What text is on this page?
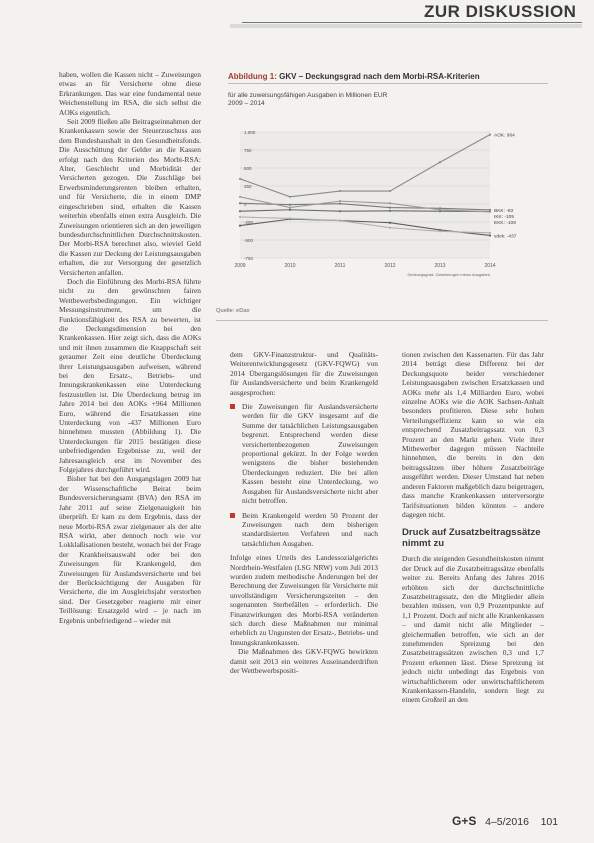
ZUR DISKUSSION

haben, wollen die Kassen nicht – Zuweisungen etwas an für Versicherte ohne diese Erkrankungen. Das war eine fundamental neue Weichenstellung im RSA, die sich selbst die AOKs eigentlich.

Seit 2009 fließen alle Beitragseinnahmen der Krankenkassen sowie der Steuerzuschuss aus dem Bundeshaushalt in den Gesundheitsfonds. Die Ausschüttung der Gelder an die Kassen erfolgt nach den Kriterien des Morbi-RSA: Alter, Geschlecht und Morbidität der Versicherten gezogen. Die Zuschläge bei Erwerbsminderungsrenten bleiben erhalten, und für Versicherte, die in einem DMP eingeschrieben sind, erhalten die Kassen weiterhin ebenfalls einen extra Ausgleich. Die Zuweisungen orientieren sich an den jeweiligen bundesdurchschnittlichen Durchschnittskosten. Der Morbi-RSA berechnet also, wieviel Geld die Kassen zur Deckung der Leistungsausgaben erhalten, die zur Versorgung der gesetzlich Versicherten anfallen.

Doch die Einführung des Morbi-RSA führte nicht zu den gewünschten fairen Wettbewerbsbedingungen. Ein wichtiger Messungsinstrument, um die Funktionsfähigkeit des RSA zu bewerten, ist die Deckungsdimension bei den Krankenkassen. Hier zeigt sich, dass die AOKs und mit ihnen zusammen die Knappschaft seit geraumer Zeit eine deutliche Überdeckung ihrer Leistungsausgaben aufweisen, während bei den Ersatz-, Betriebs- und Innungskrankenkassen eine Unterdeckung festzustellen ist. Die Überdeckung betrug im Jahre 2014 bei den AOKs +964 Millionen Euro, während die Ersatzkassen eine Unterdeckung von -437 Millionen Euro hinnehmen mussten (Abbildung 1). Die Unterdeckungen für 2015 bestätigen diese unbefriedigenden Ergebnisse zu, weil der Jahresausgleich erst im November des Folgejahres durchgeführt wird.

Bisher hat bei den Ausgangslagen 2009 hat der Wissenschaftliche Beirat beim Bundesversicherungsamt (BVA) den RSA im Jahr 2011 auf seine Zielgenauigkeit hin überprüft. Er kam zu dem Ergebnis, dass der neue Morbi-RSA zwar zielgenauer als der alte RSA wirkt, aber dennoch noch wie vor Lokklaßisationen besteht, wonach bei der Frage der Krankheitsauswahl oder bei den Zuweisungen für Krankengeld, den Zuweisungen für Auslandsversicherte und bei der Berücksichtigung der Ausgaben für Versicherte, die im Ausgleichsjahr verstorben sind. Der Gesetzgeber reagierte mit einer Teillösung: Ersatzgeld wird – je nach im Ergebnis unbefriedigend – wieder mit

Abbildung 1: GKV – Deckungsgrad nach dem Morbi-RSA-Kriterien
für alle zuweisungsfähigen Ausgaben in Millionen EUR
2009 – 2014
1.000
750
500
250
0
-250
-500
-750
2009	2010	2011	2012	2013	2014
AOK: 964
BKK: -83
IKK: -105
EKK: -108
vdek: -437
Deckungsgrad: Zuweisungen minus Ausgaben
Quelle: eDax

dem GKV-Finanzstruktur- und Qualitäts-Weiterentwicklungsgesetz (GKV-FQWG) von 2014 Übergangslösungen für die Zuweisungen für Auslandsversicherte und beim Krankengeld ausgesprochen:

Die Zuweisungen für Auslandsversicherte werden für die GKV insgesamt auf die Summe der tatsächlichen Leistungsausgaben begrenzt. Entsprechend werden diese versichertenbezogenen Zuweisungen proportional gekürzt. In der Folge werden wenigstens die bisher bestehenden Überdeckungen reduziert. Die bei allen Kassen besteht eine Unterdeckung, wo Ausgaben für Auslandsversicherte nicht aber nicht betroffen.
Beim Krankengeld werden 50 Prozent der Zuweisungen nach dem bisherigen standardisierten Verfahren und nach tatsächlichen Ausgaben.

Infolge eines Urteils des Landessozialgerichts Nordrhein-Westfalen (LSG NRW) vom Juli 2013 wurden zudem methodische Änderungen bei der Berechnung der Zuweisungen für Versicherte mit unvollständigen Versicherungszeiten – den sogenannten Sterbefällen – erforderlich. Die Finanzwirkungen des Morbi-RSA veränderten sich durch diese Maßnahmen nur minimal erheblich zu Ungunsten der Ersatz-, Betriebs- und Innungskrankenkassen.

Die Maßnahmen des GKV-FQWG bewirkten damit seit 2013 ein weiteres Auseinanderdriften der Wettbewerbspositi-

tionen zwischen den Kassenarten. Für das Jahr 2014 beträgt diese Differenz bei der Deckungsquote beider verschiedener Leistungsausgaben zwischen Ersatzkassen und AOKs mehr als 1,4 Milliarden Euro, wobei einzelne AOKs wie die AOK Sachsen-Anhalt besonders profitieren. Diese sehr hohen Verteilungseffizienz kann so wie ein entsprechend Zusatzbeitragssatz von 0,3 Prozent an den Markt gehen. Viele ihrer Mitbewerber dagegen müssen Nachteile hinnehmen, die bereits in den den beitragssätzen über höhere Zusatzbeiträge ausgeführt werden. Dieser Umstand hat neben anderen Faktoren maßgeblich dazu beigetragen, dass manche Krankenkassen unterversorgte Tarifsituationen bilden könnten – andere dagegen nicht.

Druck auf Zusatzbeitragssätze nimmt zu

Durch die steigenden Gesundheitskosten nimmt der Druck auf die Zusatzbeitragssätze ebenfalls weiter zu. Bereits Anfang des Jahres 2016 erhöhten sich der durchschnittliche Zusatzbeitragssatz, den die Mitglieder allein bezahlen müssen, von 0,9 Prozentpunkte auf 1,1 Prozent. Doch auf nicht alle Krankenkassen – und damit nicht alle Mitglieder – gleichermaßen betroffen, wie sich an der zunehmenden Spreizung bei den Zusatzbeitragssätzen zwischen 0,3 und 1,7 Prozent erkennen lässt. Diese Spreizung ist jedoch nicht unbedingt das Ergebnis von wirtschaftlicherem oder unwirtschaftlicherem Krankenkassen-Handeln, sondern liegt zu einem Großteil an den

G+S 4–5/2016 101
